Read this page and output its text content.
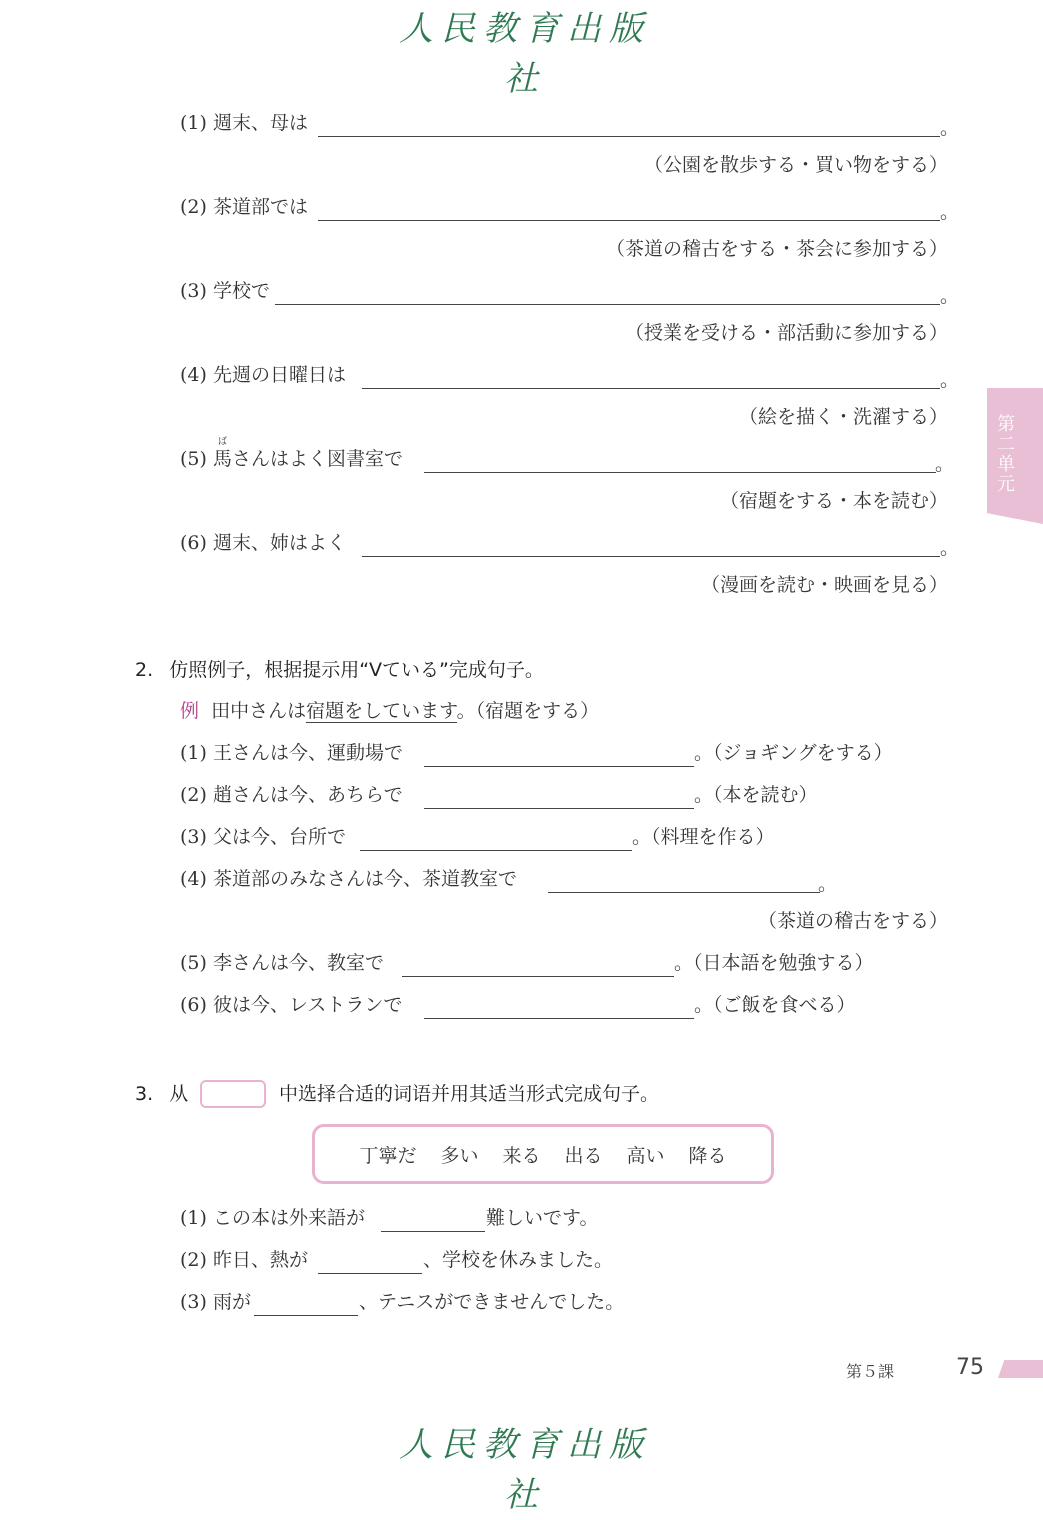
人民教育出版社
第二单元
(1) 週末、母は	。
（公園を散歩する・買い物をする）
(2) 茶道部では	。
（茶道の稽古をする・茶会に参加する）
(3) 学校で	。
（授業を受ける・部活動に参加する）
(4) 先週の日曜日は	。
（絵を描く・洗濯する）
ば
(5) 馬さんはよく図書室で	。
（宿題をする・本を読む）
(6) 週末、姉はよく	。
（漫画を読む・映画を見る）
2. 仿照例子，根据提示用“Vている”完成句子。
例 田中さんは宿題をしています。（宿題をする）
(1) 王さんは今、運動場で	。（ジョギングをする）
(2) 趙さんは今、あちらで	。（本を読む）
(3) 父は今、台所で	。（料理を作る）
(4) 茶道部のみなさんは今、茶道教室で	。
（茶道の稽古をする）
(5) 李さんは今、教室で	。（日本語を勉強する）
(6) 彼は今、レストランで	。（ご飯を食べる）
3. 从	中选择合适的词语并用其适当形式完成句子。
丁寧だ 多い 来る 出る 高い 降る
(1) この本は外来語が	難しいです。
(2) 昨日、熱が	、学校を休みました。
(3) 雨が	、テニスができませんでした。
第５課	75
人民教育出版社
